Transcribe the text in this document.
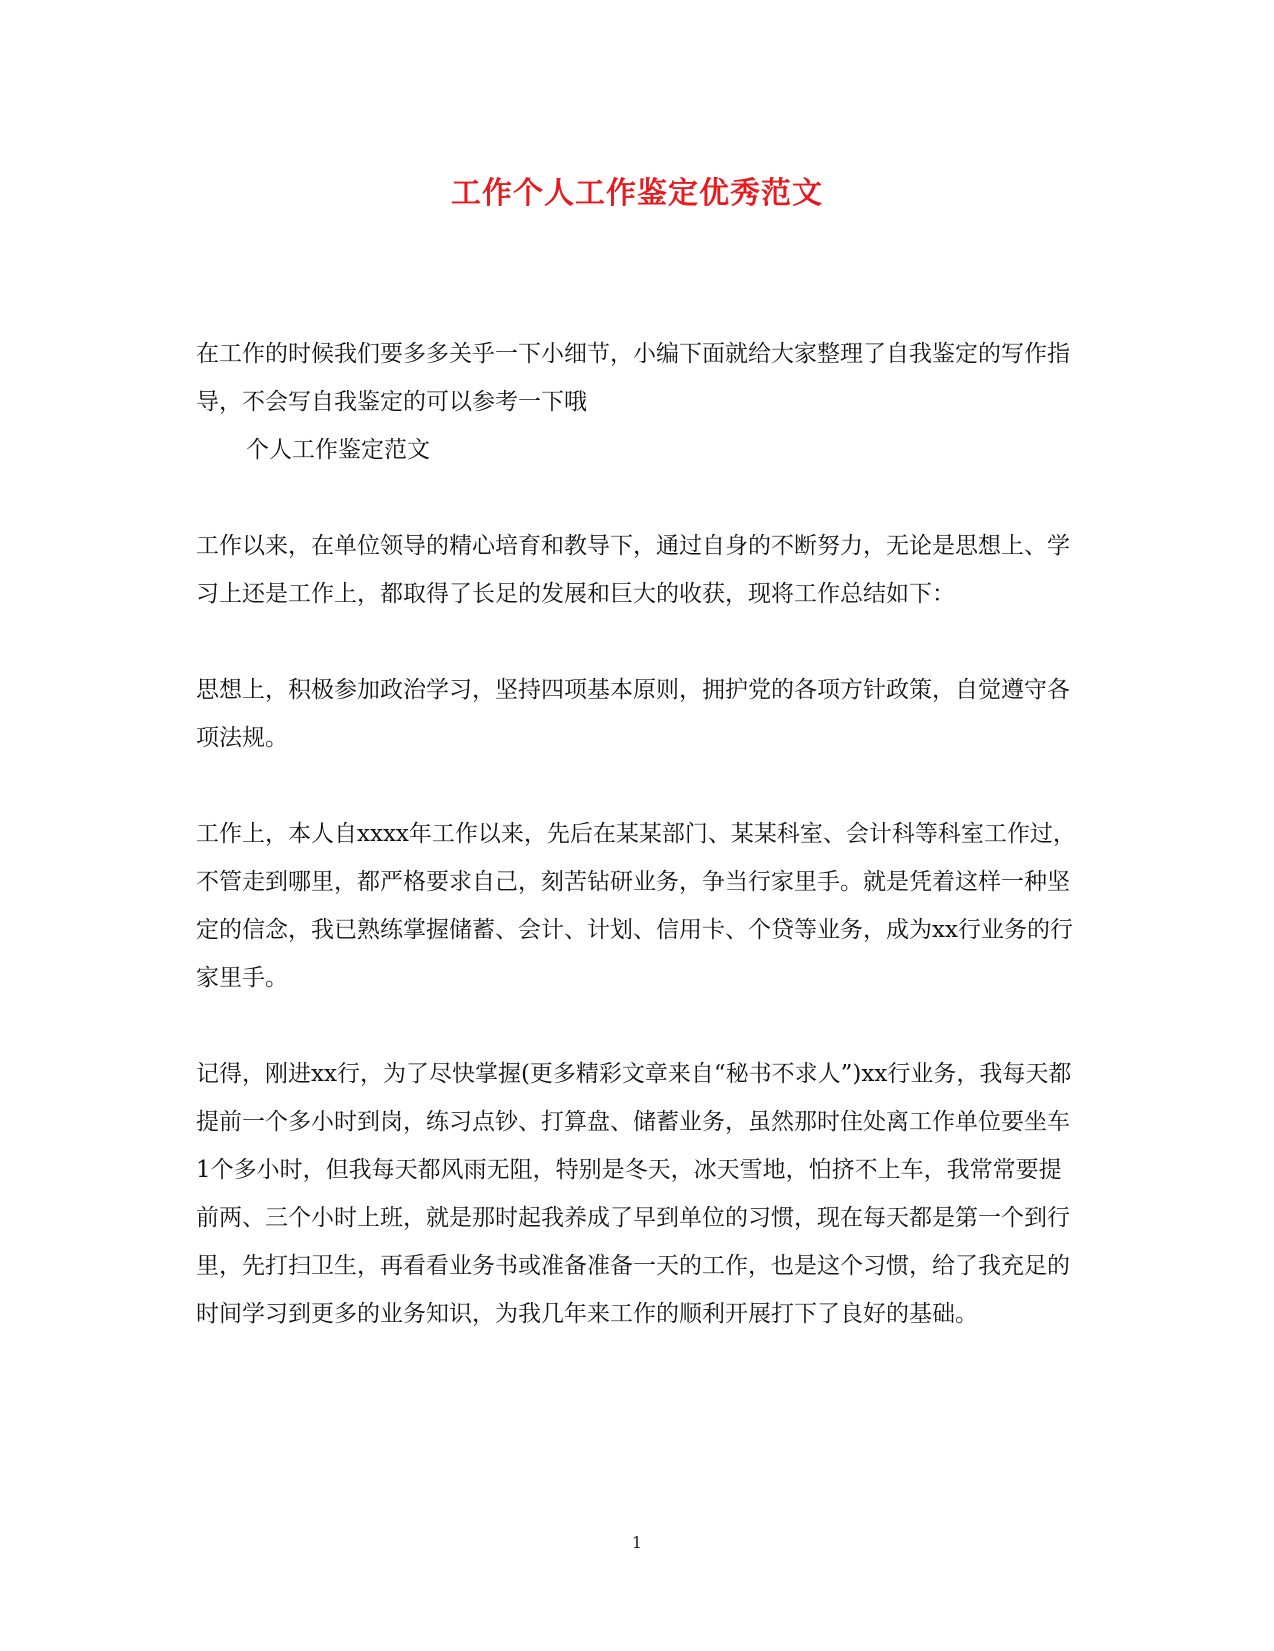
工作个人工作鉴定优秀范文

在工作的时候我们要多多关乎一下小细节，小编下面就给大家整理了自我鉴定的写作指导，不会写自我鉴定的可以参考一下哦

个人工作鉴定范文

工作以来，在单位领导的精心培育和教导下，通过自身的不断努力，无论是思想上、学习上还是工作上，都取得了长足的发展和巨大的收获，现将工作总结如下：

思想上，积极参加政治学习，坚持四项基本原则，拥护党的各项方针政策，自觉遵守各项法规。

工作上，本人自xxxx年工作以来，先后在某某部门、某某科室、会计科等科室工作过，不管走到哪里，都严格要求自己，刻苦钻研业务，争当行家里手。就是凭着这样一种坚定的信念，我已熟练掌握储蓄、会计、计划、信用卡、个贷等业务，成为xx行业务的行家里手。

记得，刚进xx行，为了尽快掌握(更多精彩文章来自“秘书不求人”)xx行业务，我每天都提前一个多小时到岗，练习点钞、打算盘、储蓄业务，虽然那时住处离工作单位要坐车1个多小时，但我每天都风雨无阻，特别是冬天，冰天雪地，怕挤不上车，我常常要提前两、三个小时上班，就是那时起我养成了早到单位的习惯，现在每天都是第一个到行里，先打扫卫生，再看看业务书或准备准备一天的工作，也是这个习惯，给了我充足的时间学习到更多的业务知识，为我几年来工作的顺利开展打下了良好的基础。

1
